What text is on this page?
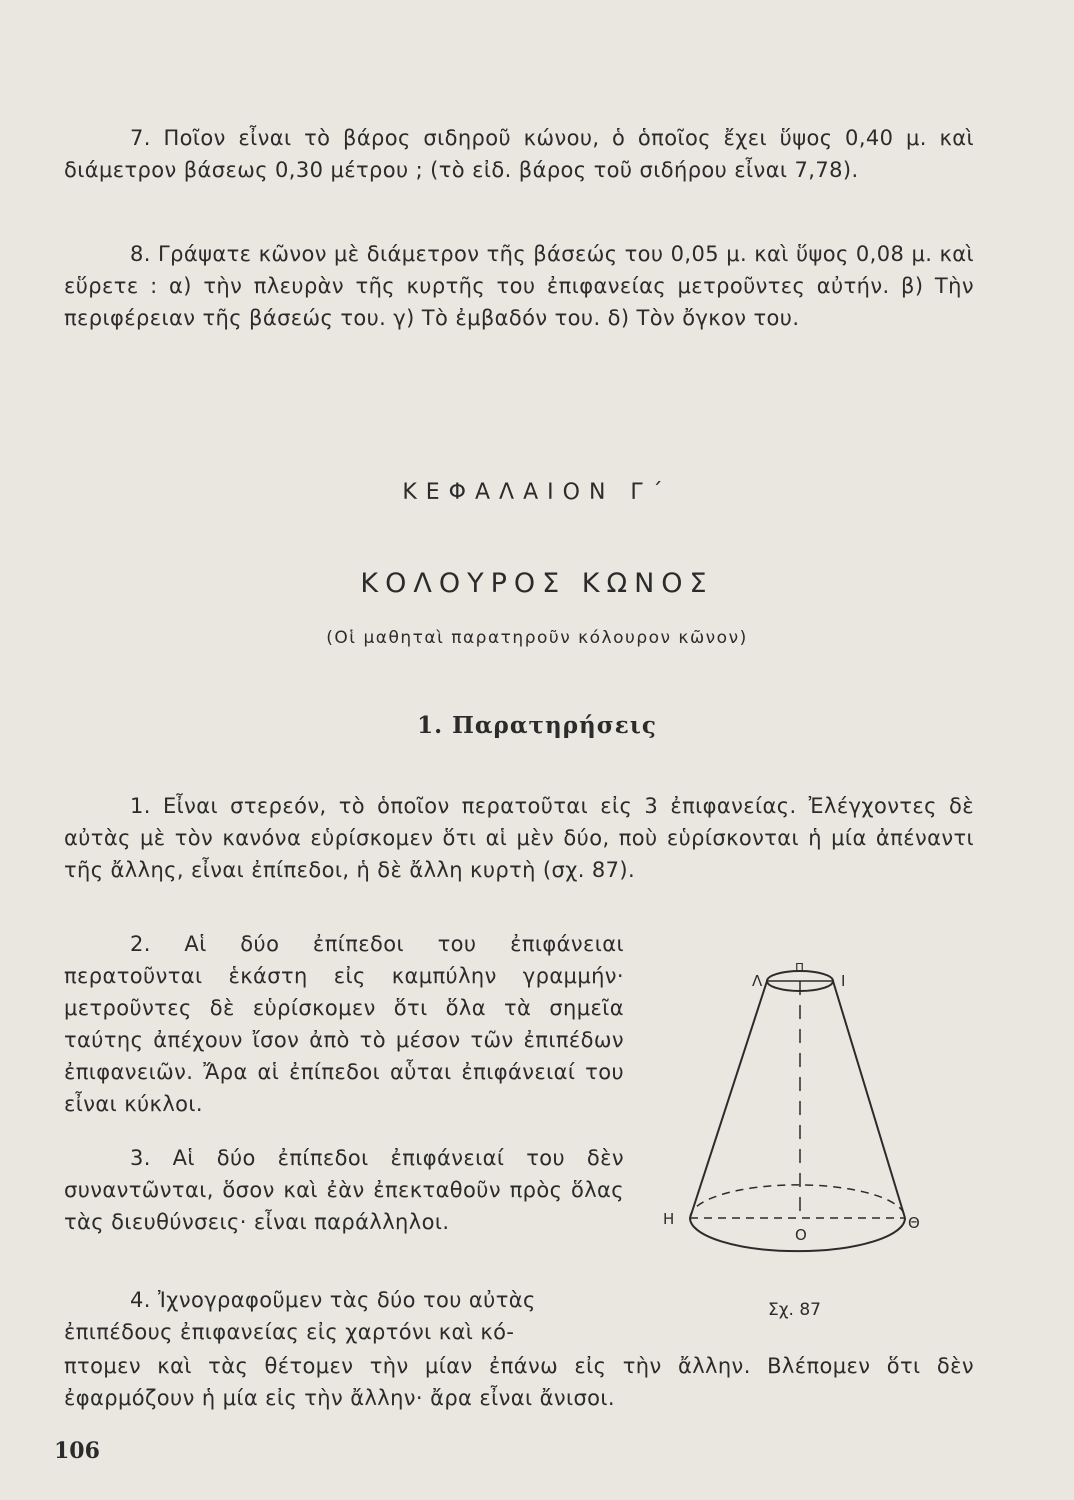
7. Ποῖον εἶναι τὸ βάρος σιδηροῦ κώνου, ὁ ὁποῖος ἔχει ὕψος 0,40 μ. καὶ διάμετρον βάσεως 0,30 μέτρου ; (τὸ εἰδ. βάρος τοῦ σιδήρου εἶναι 7,78).

8. Γράψατε κῶνον μὲ διάμετρον τῆς βάσεώς του 0,05 μ. καὶ ὕψος 0,08 μ. καὶ εὕρετε : α) τὴν πλευρὰν τῆς κυρτῆς του ἐπιφανείας μετροῦντες αὐτήν. β) Τὴν περιφέρειαν τῆς βάσεώς του. γ) Τὸ ἐμβαδόν του. δ) Τὸν ὄγκον του.

ΚΕΦΑΛΑΙΟΝ Γ΄
ΚΟΛΟΥΡΟΣ ΚΩΝΟΣ
(Οἱ μαθηταὶ παρατηροῦν κόλουρον κῶνον)
1. Παρατηρήσεις

1. Εἶναι στερεόν, τὸ ὁποῖον περατοῦται εἰς 3 ἐπιφανείας. Ἐλέγχοντες δὲ αὐτὰς μὲ τὸν κανόνα εὑρίσκομεν ὅτι αἱ μὲν δύο, ποὺ εὑρίσκονται ἡ μία ἀπέναντι τῆς ἄλλης, εἶναι ἐπίπεδοι, ἡ δὲ ἄλλη κυρτὴ (σχ. 87).

2. Αἱ δύο ἐπίπεδοι του ἐπιφάνειαι περατοῦνται ἑκάστη εἰς καμπύλην γραμμήν· μετροῦντες δὲ εὑρίσκομεν ὅτι ὅλα τὰ σημεῖα ταύτης ἀπέχουν ἴσον ἀπὸ τὸ μέσον τῶν ἐπιπέδων ἐπιφανειῶν. Ἄρα αἱ ἐπίπεδοι αὗται ἐπιφάνειαί του εἶναι κύκλοι.

3. Αἱ δύο ἐπίπεδοι ἐπιφάνειαί του δὲν συναντῶνται, ὅσον καὶ ἐὰν ἐπεκταθοῦν πρὸς ὅλας τὰς διευθύνσεις· εἶναι παράλληλοι.

4. Ἰχνογραφοῦμεν τὰς δύο του αὐτὰς
ἐπιπέδους ἐπιφανείας εἰς χαρτόνι καὶ κό-

πτομεν καὶ τὰς θέτομεν τὴν μίαν ἐπάνω εἰς τὴν ἄλλην. Βλέπομεν ὅτι δὲν ἐφαρμόζουν ἡ μία εἰς τὴν ἄλλην· ἄρα εἶναι ἄνισοι.

Λ
Π
Ι
Η
Ο
Θ
Σχ. 87
106
